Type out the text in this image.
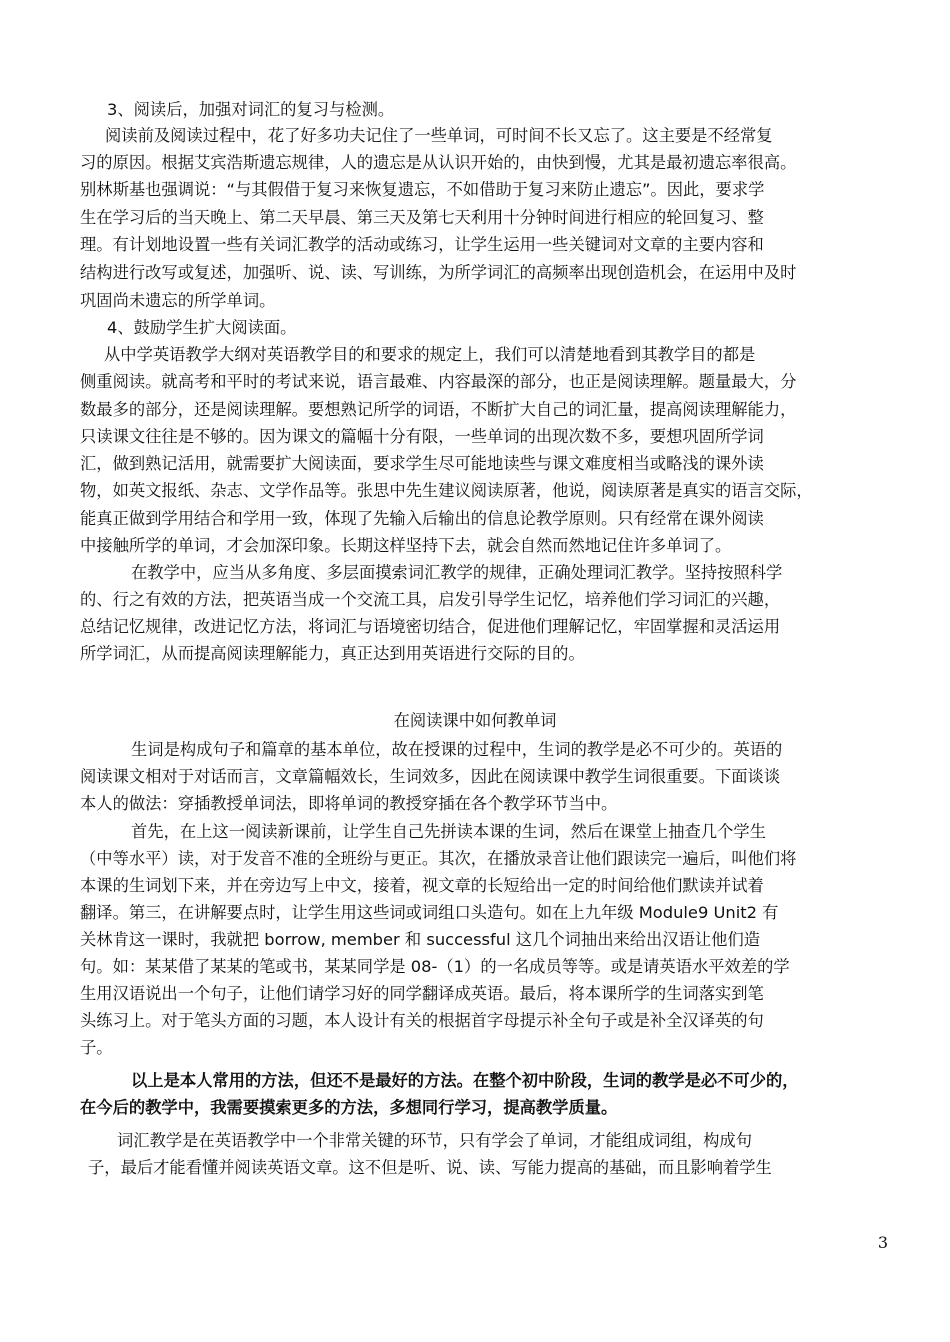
3、阅读后，加强对词汇的复习与检测。
阅读前及阅读过程中，花了好多功夫记住了一些单词，可时间不长又忘了。这主要是不经常复
习的原因。根据艾宾浩斯遗忘规律，人的遗忘是从认识开始的，由快到慢，尤其是最初遗忘率很高。
别林斯基也强调说：“与其假借于复习来恢复遗忘，不如借助于复习来防止遗忘”。因此，要求学
生在学习后的当天晚上、第二天早晨、第三天及第七天利用十分钟时间进行相应的轮回复习、整
理。有计划地设置一些有关词汇教学的活动或练习，让学生运用一些关键词对文章的主要内容和
结构进行改写或复述，加强听、说、读、写训练，为所学词汇的高频率出现创造机会，在运用中及时
巩固尚未遗忘的所学单词。
4、鼓励学生扩大阅读面。
从中学英语教学大纲对英语教学目的和要求的规定上，我们可以清楚地看到其教学目的都是
侧重阅读。就高考和平时的考试来说，语言最难、内容最深的部分，也正是阅读理解。题量最大，分
数最多的部分，还是阅读理解。要想熟记所学的词语，不断扩大自己的词汇量，提高阅读理解能力，
只读课文往往是不够的。因为课文的篇幅十分有限，一些单词的出现次数不多，要想巩固所学词
汇，做到熟记活用，就需要扩大阅读面，要求学生尽可能地读些与课文难度相当或略浅的课外读
物，如英文报纸、杂志、文学作品等。张思中先生建议阅读原著，他说，阅读原著是真实的语言交际，
能真正做到学用结合和学用一致，体现了先输入后输出的信息论教学原则。只有经常在课外阅读
中接触所学的单词，才会加深印象。长期这样坚持下去，就会自然而然地记住许多单词了。
在教学中，应当从多角度、多层面摸索词汇教学的规律，正确处理词汇教学。坚持按照科学
的、行之有效的方法，把英语当成一个交流工具，启发引导学生记忆，培养他们学习词汇的兴趣，
总结记忆规律，改进记忆方法，将词汇与语境密切结合，促进他们理解记忆，牢固掌握和灵活运用
所学词汇，从而提高阅读理解能力，真正达到用英语进行交际的目的。
在阅读课中如何教单词
生词是构成句子和篇章的基本单位，故在授课的过程中，生词的教学是必不可少的。英语的
阅读课文相对于对话而言，文章篇幅效长，生词效多，因此在阅读课中教学生词很重要。下面谈谈
本人的做法：穿插教授单词法，即将单词的教授穿插在各个教学环节当中。
首先，在上这一阅读新课前，让学生自己先拼读本课的生词，然后在课堂上抽查几个学生
（中等水平）读，对于发音不准的全班纷与更正。其次，在播放录音让他们跟读完一遍后，叫他们将
本课的生词划下来，并在旁边写上中文，接着，视文章的长短给出一定的时间给他们默读并试着
翻译。第三，在讲解要点时，让学生用这些词或词组口头造句。如在上九年级 Module9 Unit2 有
关林肯这一课时，我就把 borrow, member 和 successful 这几个词抽出来给出汉语让他们造
句。如：某某借了某某的笔或书，某某同学是 08-（1）的一名成员等等。或是请英语水平效差的学
生用汉语说出一个句子，让他们请学习好的同学翻译成英语。最后，将本课所学的生词落实到笔
头练习上。对于笔头方面的习题，本人设计有关的根据首字母提示补全句子或是补全汉译英的句
子。
以上是本人常用的方法，但还不是最好的方法。在整个初中阶段，生词的教学是必不可少的，
在今后的教学中，我需要摸索更多的方法，多想同行学习，提高教学质量。
词汇教学是在英语教学中一个非常关键的环节，只有学会了单词，才能组成词组，构成句
子，最后才能看懂并阅读英语文章。这不但是听、说、读、写能力提高的基础，而且影响着学生
3
